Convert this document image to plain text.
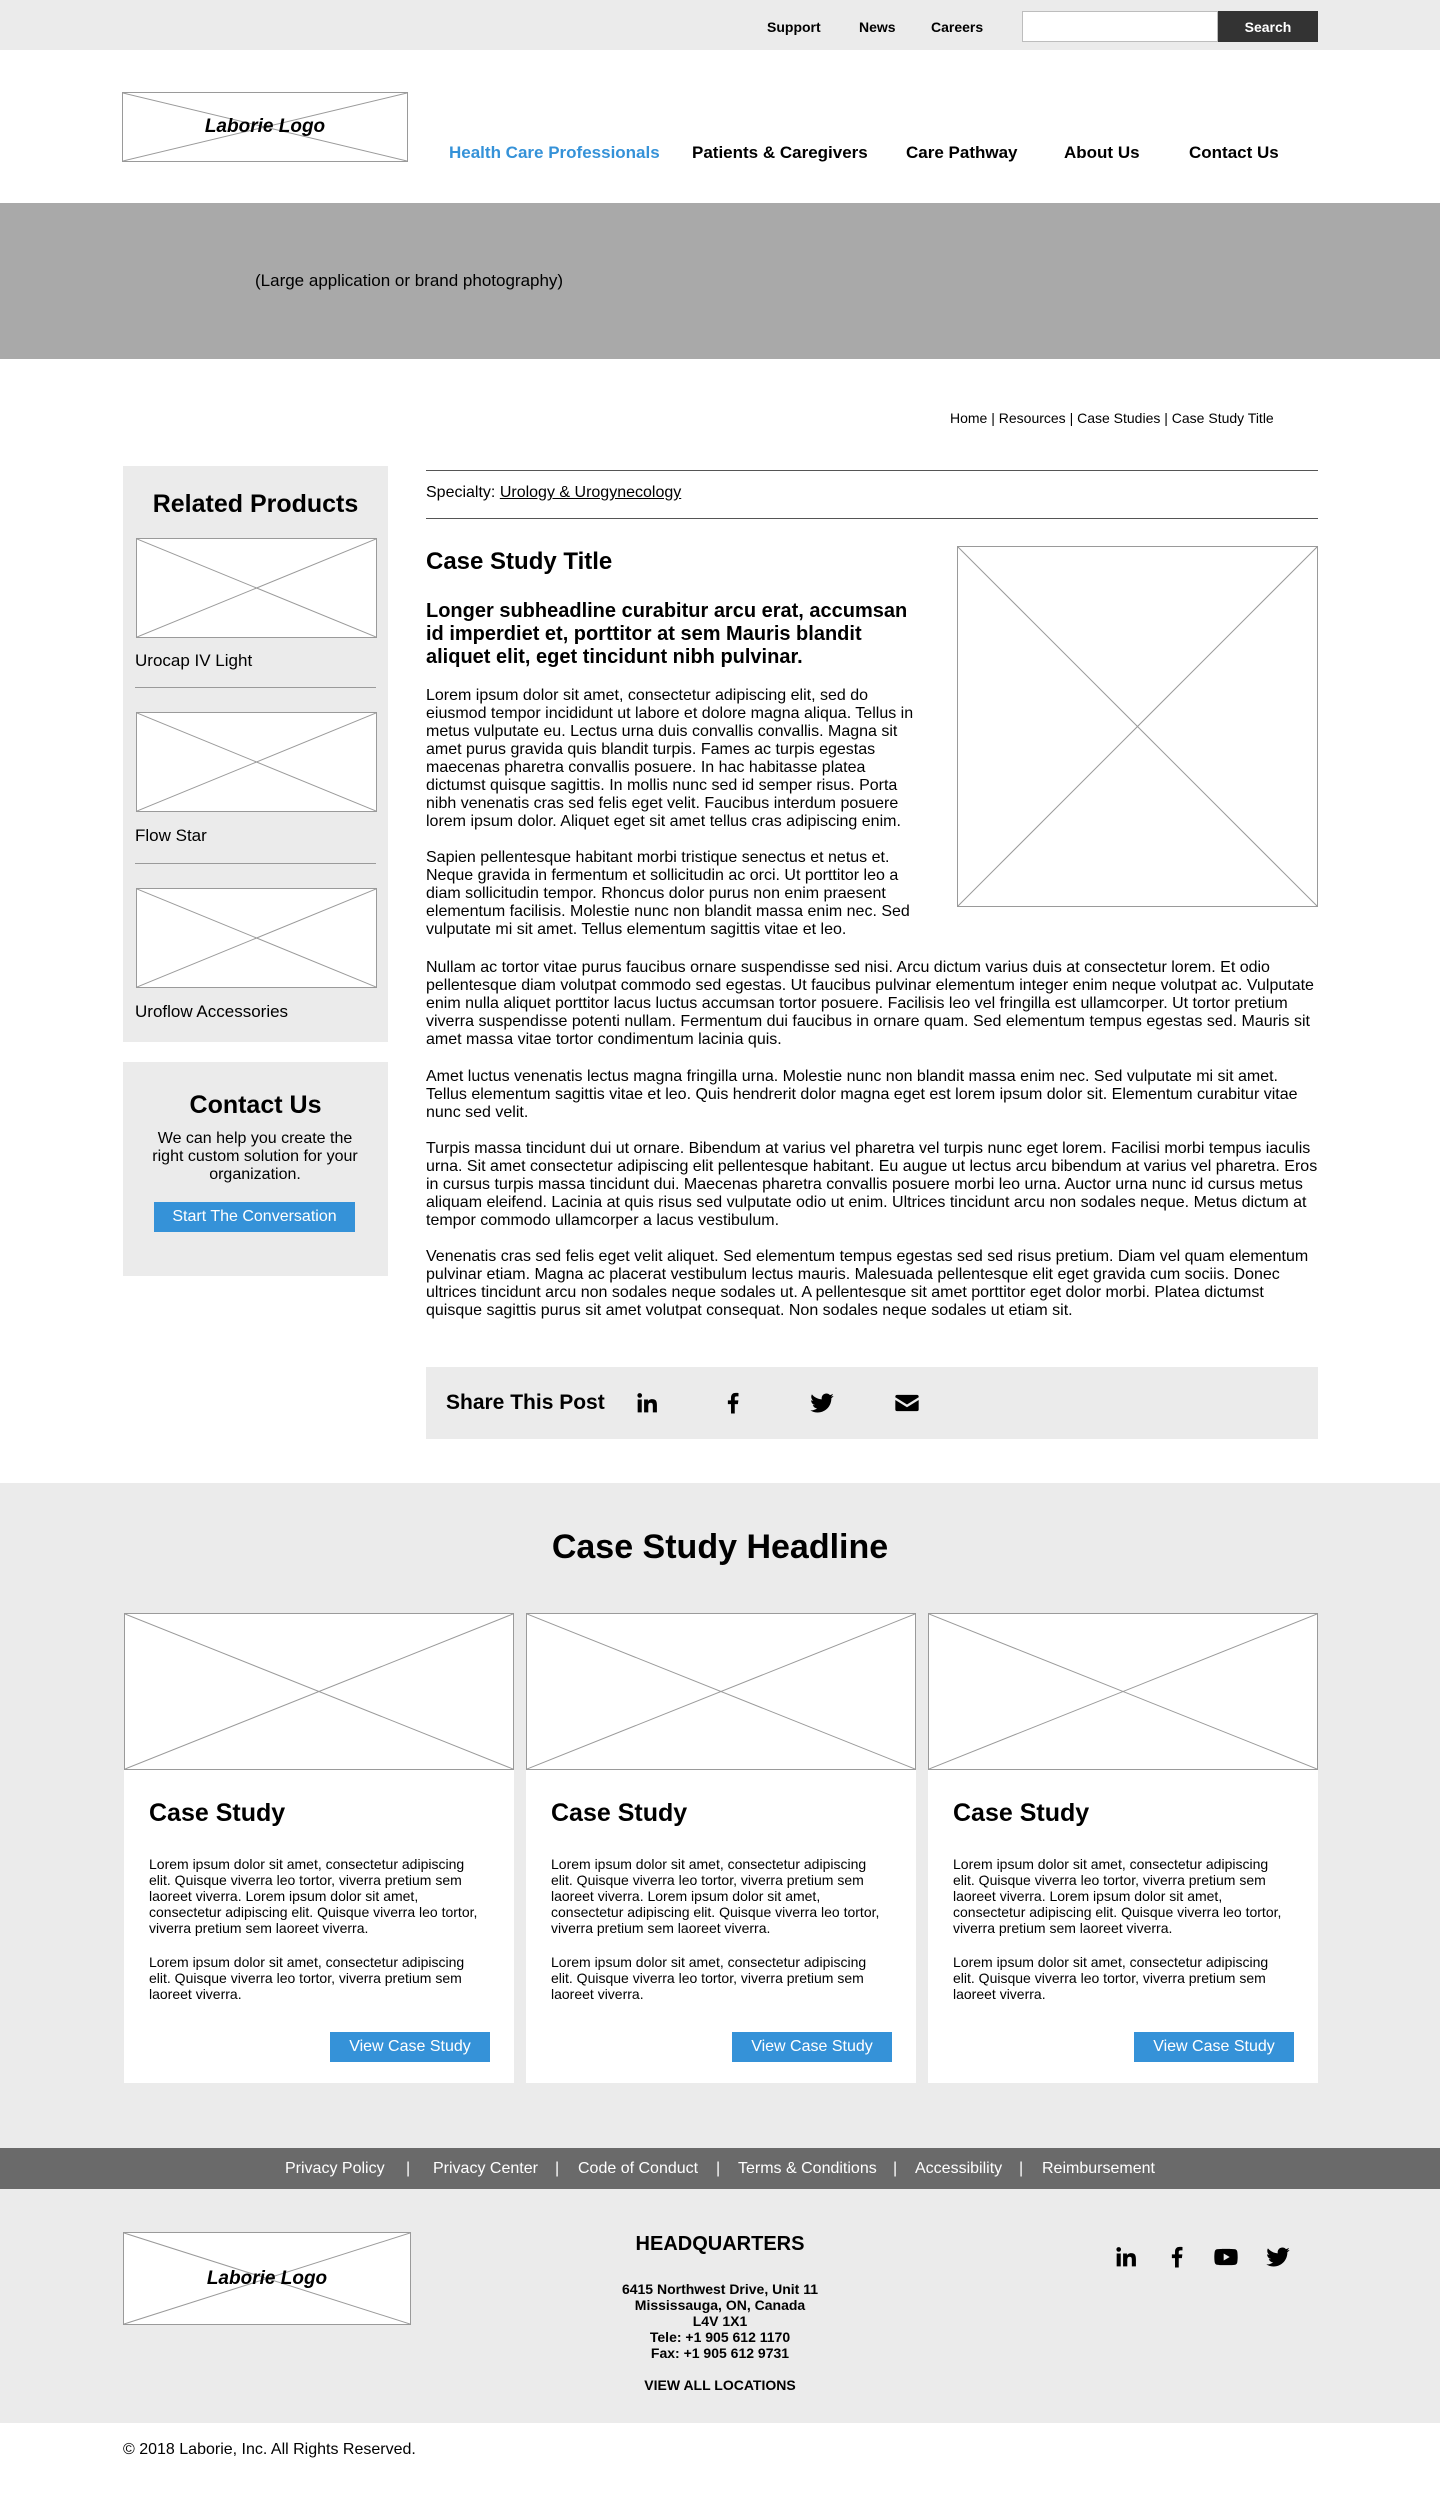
Support	News	Careers	Search
Laborie Logo
Health Care Professionals Patients & Caregivers Care Pathway	About Us	Contact Us
(Large application or brand photography)
Home | Resources | Case Studies | Case Study Title
Related Products
Urocap IV Light
Flow Star
Uroflow Accessories
Contact Us
We can help you create the right custom solution for your organization.
Start The Conversation
Specialty: Urology & Urogynecology
Case Study Title
Longer subheadline curabitur arcu erat, accumsan id imperdiet et, porttitor at sem Mauris blandit aliquet elit, eget tincidunt nibh pulvinar.

Lorem ipsum dolor sit amet, consectetur adipiscing elit, sed do eiusmod tempor incididunt ut labore et dolore magna aliqua. Tellus in metus vulputate eu. Lectus urna duis convallis convallis. Magna sit amet purus gravida quis blandit turpis. Fames ac turpis egestas maecenas pharetra convallis posuere. In hac habitasse platea dictumst quisque sagittis. In mollis nunc sed id semper risus. Porta nibh venenatis cras sed felis eget velit. Faucibus interdum posuere lorem ipsum dolor. Aliquet eget sit amet tellus cras adipiscing enim.

Sapien pellentesque habitant morbi tristique senectus et netus et. Neque gravida in fermentum et sollicitudin ac orci. Ut porttitor leo a diam sollicitudin tempor. Rhoncus dolor purus non enim praesent elementum facilisis. Molestie nunc non blandit massa enim nec. Sed vulputate mi sit amet. Tellus elementum sagittis vitae et leo.

Nullam ac tortor vitae purus faucibus ornare suspendisse sed nisi. Arcu dictum varius duis at consectetur lorem. Et odio pellentesque diam volutpat commodo sed egestas. Ut faucibus pulvinar elementum integer enim neque volutpat ac. Vulputate enim nulla aliquet porttitor lacus luctus accumsan tortor posuere. Facilisis leo vel fringilla est ullamcorper. Ut tortor pretium viverra suspendisse potenti nullam. Fermentum dui faucibus in ornare quam. Sed elementum tempus egestas sed. Mauris sit amet massa vitae tortor condimentum lacinia quis.

Amet luctus venenatis lectus magna fringilla urna. Molestie nunc non blandit massa enim nec. Sed vulputate mi sit amet. Tellus elementum sagittis vitae et leo. Quis hendrerit dolor magna eget est lorem ipsum dolor sit. Elementum curabitur vitae nunc sed velit.

Turpis massa tincidunt dui ut ornare. Bibendum at varius vel pharetra vel turpis nunc eget lorem. Facilisi morbi tempus iaculis urna. Sit amet consectetur adipiscing elit pellentesque habitant. Eu augue ut lectus arcu bibendum at varius vel pharetra. Eros in cursus turpis massa tincidunt dui. Maecenas pharetra convallis posuere morbi leo urna. Auctor urna nunc id cursus metus aliquam eleifend. Lacinia at quis risus sed vulputate odio ut enim. Ultrices tincidunt arcu non sodales neque. Metus dictum at tempor commodo ullamcorper a lacus vestibulum.

Venenatis cras sed felis eget velit aliquet. Sed elementum tempus egestas sed sed risus pretium. Diam vel quam elementum pulvinar etiam. Magna ac placerat vestibulum lectus mauris. Malesuada pellentesque elit eget gravida cum sociis. Donec ultrices tincidunt arcu non sodales neque sodales ut. A pellentesque sit amet porttitor eget dolor morbi. Platea dictumst quisque sagittis purus sit amet volutpat consequat. Non sodales neque sodales ut etiam sit.

Share This Post
Case Study Headline
Case Study

Lorem ipsum dolor sit amet, consectetur adipiscing elit. Quisque viverra leo tortor, viverra pretium sem laoreet viverra. Lorem ipsum dolor sit amet, consectetur adipiscing elit. Quisque viverra leo tortor, viverra pretium sem laoreet viverra.

Lorem ipsum dolor sit amet, consectetur adipiscing elit. Quisque viverra leo tortor, viverra pretium sem laoreet viverra.

View Case Study
Case Study

Lorem ipsum dolor sit amet, consectetur adipiscing elit. Quisque viverra leo tortor, viverra pretium sem laoreet viverra. Lorem ipsum dolor sit amet, consectetur adipiscing elit. Quisque viverra leo tortor, viverra pretium sem laoreet viverra.

Lorem ipsum dolor sit amet, consectetur adipiscing elit. Quisque viverra leo tortor, viverra pretium sem laoreet viverra.

View Case Study
Case Study

Lorem ipsum dolor sit amet, consectetur adipiscing elit. Quisque viverra leo tortor, viverra pretium sem laoreet viverra. Lorem ipsum dolor sit amet, consectetur adipiscing elit. Quisque viverra leo tortor, viverra pretium sem laoreet viverra.

Lorem ipsum dolor sit amet, consectetur adipiscing elit. Quisque viverra leo tortor, viverra pretium sem laoreet viverra.

View Case Study
Privacy Policy | Privacy Center | Code of Conduct | Terms & Conditions | Accessibility | Reimbursement
Laborie Logo
HEADQUARTERS
6415 Northwest Drive, Unit 11
Mississauga, ON, Canada
L4V 1X1
Tele: +1 905 612 1170
Fax: +1 905 612 9731
VIEW ALL LOCATIONS
© 2018 Laborie, Inc. All Rights Reserved.
